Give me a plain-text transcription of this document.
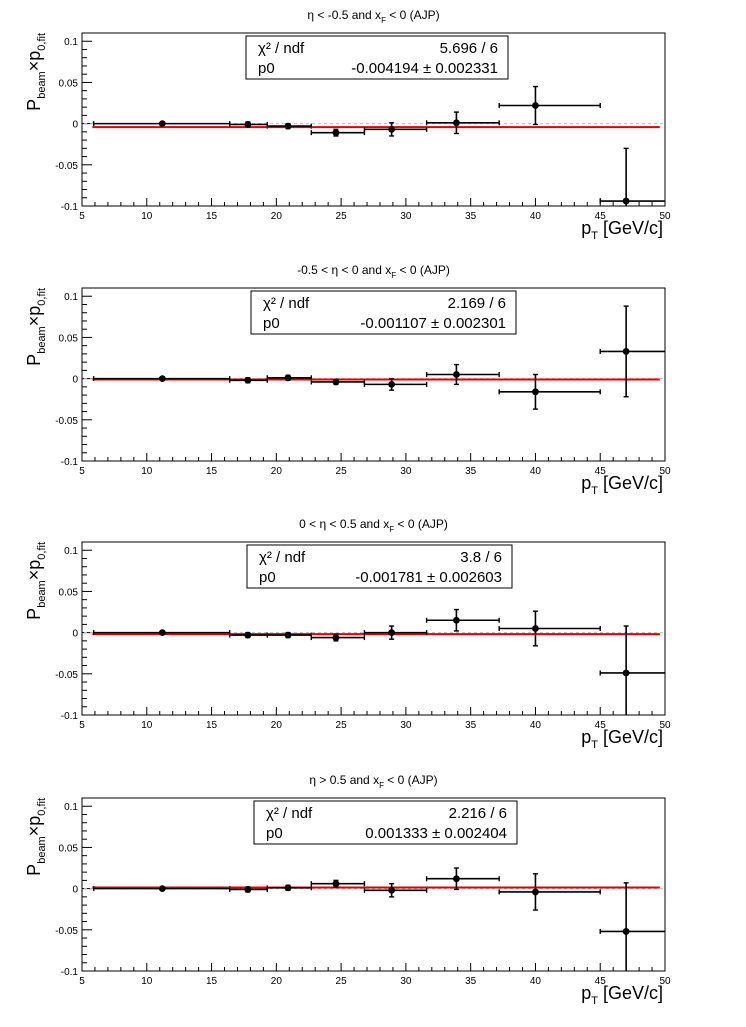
η < -0.5 and $x_F < 0$ (AJP)
5	10	15	20	25	30	35	40	45	50
-0.1
-0.05
0
0.05
0.1
$p_T$ [GeV/c]
$P_{beam}\times p_{0,fit}$	χ² / ndf	5.696 / 6
p0	-0.004194 ± 0.002331
-0.5 < η < 0 and $x_F < 0$ (AJP)
5	10	15	20	25	30	35	40	45	50
-0.1
-0.05
0
0.05
0.1
$p_T$ [GeV/c]
$P_{beam}\times p_{0,fit}$	χ² / ndf	2.169 / 6
p0	-0.001107 ± 0.002301
0 < η < 0.5 and $x_F < 0$ (AJP)
5	10	15	20	25	30	35	40	45	50
-0.1
-0.05
0
0.05
0.1
$p_T$ [GeV/c]
$P_{beam}\times p_{0,fit}$	χ² / ndf	3.8 / 6
p0	-0.001781 ± 0.002603
η > 0.5 and $x_F < 0$ (AJP)
5	10	15	20	25	30	35	40	45	50
-0.1
-0.05
0
0.05
0.1
$p_T$ [GeV/c]
$P_{beam}\times p_{0,fit}$	χ² / ndf	2.216 / 6
p0	0.001333 ± 0.002404
